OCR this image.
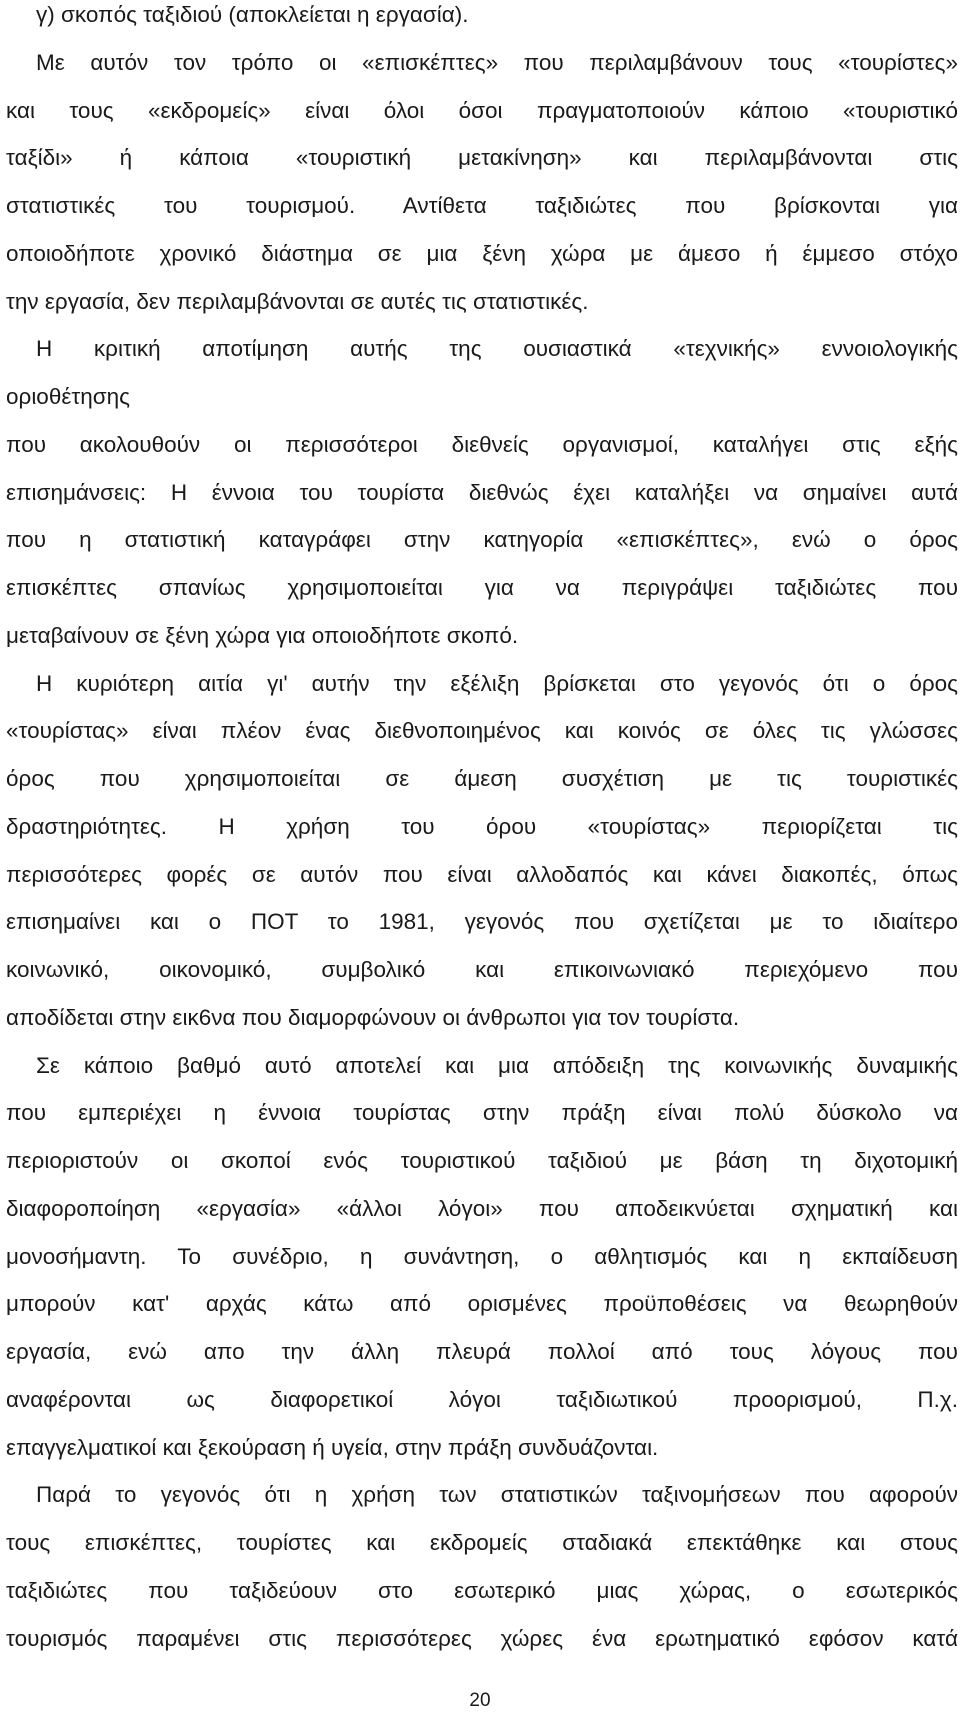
γ) σκοπός ταξιδιού (αποκλείεται η εργασία).
Με αυτόν τον τρόπο οι «επισκέπτες» που περιλαμβάνουν τους «τουρίστες»
και τους «εκδρομείς» είναι όλοι όσοι πραγματοποιούν κάποιο «τουριστικό
ταξίδι» ή κάποια «τουριστική μετακίνηση» και περιλαμβάνονται στις
στατιστικές του τουρισμού. Αντίθετα ταξιδιώτες που βρίσκονται για
οποιοδήποτε χρονικό διάστημα σε μια ξένη χώρα με άμεσο ή έμμεσο στόχο
την εργασία, δεν περιλαμβάνονται σε αυτές τις στατιστικές.
Η κριτική αποτίμηση αυτής της ουσιαστικά «τεχνικής» εννοιολογικής
οριοθέτησης
που ακολουθούν οι περισσότεροι διεθνείς οργανισμοί, καταλήγει στις εξής
επισημάνσεις: Η έννοια του τουρίστα διεθνώς έχει καταλήξει να σημαίνει αυτά
που η στατιστική καταγράφει στην κατηγορία «επισκέπτες», ενώ ο όρος
επισκέπτες σπανίως χρησιμοποιείται για να περιγράψει ταξιδιώτες που
μεταβαίνουν σε ξένη χώρα για οποιοδήποτε σκοπό.
Η κυριότερη αιτία γι' αυτήν την εξέλιξη βρίσκεται στο γεγονός ότι ο όρος
«τουρίστας» είναι πλέον ένας διεθνοποιημένος και κοινός σε όλες τις γλώσσες
όρος που χρησιμοποιείται σε άμεση συσχέτιση με τις τουριστικές
δραστηριότητες. Η χρήση του όρου «τουρίστας» περιορίζεται τις
περισσότερες φορές σε αυτόν που είναι αλλοδαπός και κάνει διακοπές, όπως
επισημαίνει και ο ΠΟΤ το 1981, γεγονός που σχετίζεται με το ιδιαίτερο
κοινωνικό, οικονομικό, συμβολικό και επικοινωνιακό περιεχόμενο που
αποδίδεται στην εικ6να που διαμορφώνουν οι άνθρωποι για τον τουρίστα.
Σε κάποιο βαθμό αυτό αποτελεί και μια απόδειξη της κοινωνικής δυναμικής
που εμπεριέχει η έννοια τουρίστας στην πράξη είναι πολύ δύσκολο να
περιοριστούν οι σκοποί ενός τουριστικού ταξιδιού με βάση τη διχοτομική
διαφοροποίηση «εργασία» «άλλοι λόγοι» που αποδεικνύεται σχηματική και
μονοσήμαντη. Το συνέδριο, η συνάντηση, ο αθλητισμός και η εκπαίδευση
μπορούν κατ' αρχάς κάτω από ορισμένες προϋποθέσεις να θεωρηθούν
εργασία, ενώ απο την άλλη πλευρά πολλοί από τους λόγους που
αναφέρονται ως διαφορετικοί λόγοι ταξιδιωτικού προορισμού, Π.χ.
επαγγελματικοί και ξεκούραση ή υγεία, στην πράξη συνδυάζονται.
Παρά το γεγονός ότι η χρήση των στατιστικών ταξινομήσεων που αφορούν
τους επισκέπτες, τουρίστες και εκδρομείς σταδιακά επεκτάθηκε και στους
ταξιδιώτες που ταξιδεύουν στο εσωτερικό μιας χώρας, ο εσωτερικός
τουρισμός παραμένει στις περισσότερες χώρες ένα ερωτηματικό εφόσον κατά
20
